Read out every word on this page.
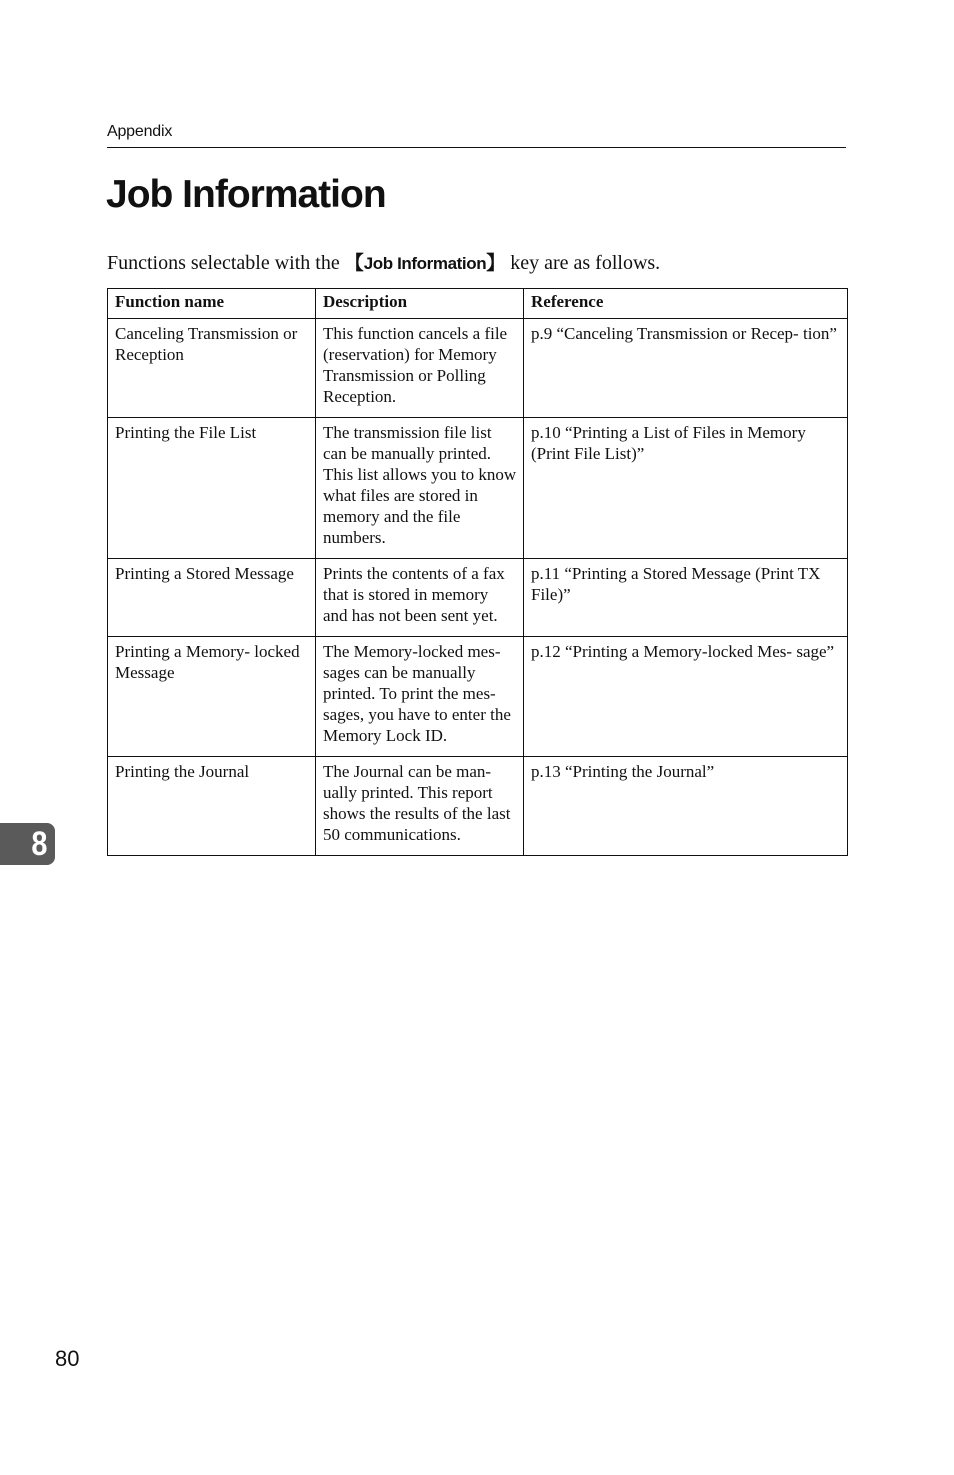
Appendix
Job Information
Functions selectable with the 【Job Information】 key are as follows.
Function name	Description	Reference
Canceling Transmission or Reception	This function cancels a file (reservation) for Memory Transmission or Polling Reception.	p.9 “Canceling Transmission or Recep- tion”
Printing the File List	The transmission file list can be manually printed. This list allows you to know what files are stored in memory and the file numbers.	p.10 “Printing a List of Files in Memory (Print File List)”
Printing a Stored Message	Prints the contents of a fax that is stored in memory and has not been sent yet.	p.11 “Printing a Stored Message (Print TX File)”
Printing a Memory- locked Message	The Memory-locked mes- sages can be manually printed. To print the mes- sages, you have to enter the Memory Lock ID.	p.12 “Printing a Memory-locked Mes- sage”
Printing the Journal	The Journal can be man- ually printed. This report shows the results of the last 50 communications.	p.13 “Printing the Journal”
8
80
